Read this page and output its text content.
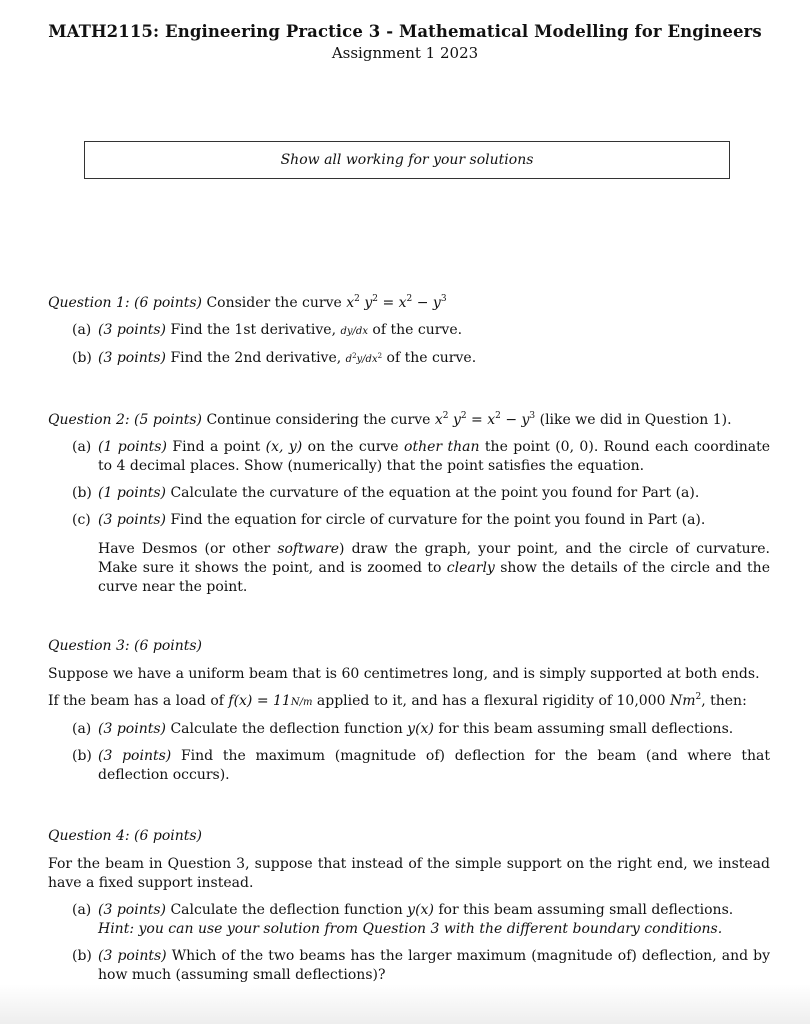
MATH2115: Engineering Practice 3 - Mathematical Modelling for Engineers
Assignment 1 2023
Show all working for your solutions

Question 1: (6 points) Consider the curve $x^2$ $y^2 = x^2 - y^3$

(a) (3 points) Find the 1st derivative, dy/dx of the curve.
(b) (3 points) Find the 2nd derivative, $d^2y/dx^2$ of the curve.

Question 2: (5 points) Continue considering the curve $x^2$ $y^2 = x^2 - y^3$ (like we did in Question 1).

(a) (1 points) Find a point (x, y) on the curve other than the point (0, 0). Round each coordinate to 4 decimal places. Show (numerically) that the point satisfies the equation.
(b) (1 points) Calculate the curvature of the equation at the point you found for Part (a).
(c) (3 points) Find the equation for circle of curvature for the point you found in Part (a).
Have Desmos (or other software) draw the graph, your point, and the circle of curvature. Make sure it shows the point, and is zoomed to clearly show the details of the circle and the curve near the point.

Question 3: (6 points)

Suppose we have a uniform beam that is 60 centimetres long, and is simply supported at both ends.

If the beam has a load of f(x) = 11N/m applied to it, and has a flexural rigidity of 10,000 Nm$^2$, then:

(a) (3 points) Calculate the deflection function y(x) for this beam assuming small deflections.
(b) (3 points) Find the maximum (magnitude of) deflection for the beam (and where that deflection occurs).

Question 4: (6 points)

For the beam in Question 3, suppose that instead of the simple support on the right end, we instead have a fixed support instead.

(a) (3 points) Calculate the deflection function y(x) for this beam assuming small deflections.
Hint: you can use your solution from Question 3 with the different boundary conditions.
(b) (3 points) Which of the two beams has the larger maximum (magnitude of) deflection, and by how much (assuming small deflections)?
